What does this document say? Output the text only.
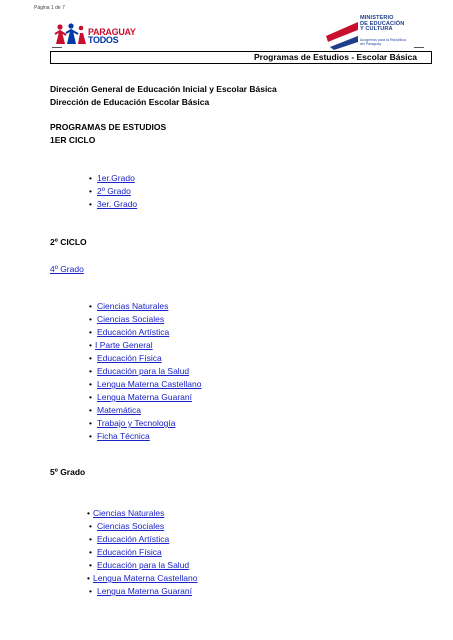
Página 1 de 7
PARAGUAY
TODOS
MINISTERIO
DE EDUCACIÓN
Y CULTURA
Acogemos para la República
del Paraguay
Programas de Estudios - Escolar Básica
Dirección General de Educación Inicial y Escolar Básica
Dirección de Educación Escolar Básica
PROGRAMAS DE ESTUDIOS
1ER CICLO
• 1er.Grado
• 2º Grado
• 3er. Grado
2º CICLO
4º Grado
• Ciencias Naturales
• Ciencias Sociales
• Educación Artística
• I Parte General
• Educación Física
• Educación para la Salud
• Lengua Materna Castellano
• Lengua Materna Guaraní
• Matemática
• Trabajo y Tecnología
• Ficha Técnica
5º Grado
• Ciencias Naturales
• Ciencias Sociales
• Educación Artística
• Educación Física
• Educación para la Salud
• Lengua Materna Castellano
• Lengua Materna Guaraní
